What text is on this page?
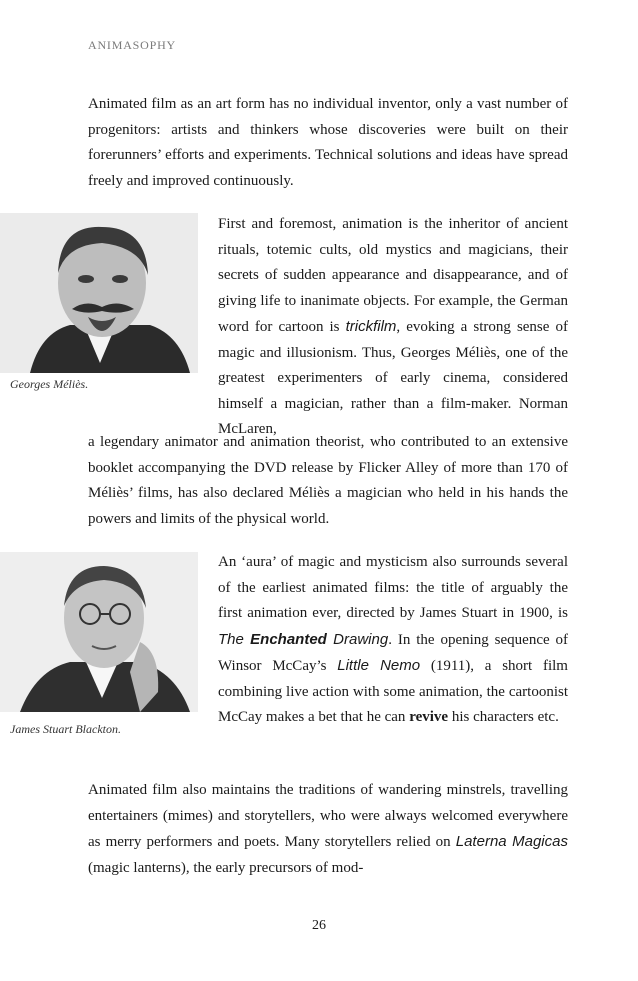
ANIMASOPHY

Animated film as an art form has no individual inventor, only a vast number of progenitors: artists and thinkers whose discoveries were built on their forerunners’ efforts and experiments. Technical solutions and ideas have spread freely and improved continuously.

Georges Méliès.

First and foremost, animation is the inheritor of ancient rituals, totemic cults, old mystics and magicians, their secrets of sudden appearance and disappearance, and of giving life to inanimate objects. For example, the German word for cartoon is trickfilm, evoking a strong sense of magic and illusionism. Thus, Georges Méliès, one of the greatest experimenters of early cinema, considered himself a magician, rather than a film-maker. Norman McLaren,

a legendary animator and animation theorist, who contributed to an extensive booklet accompanying the DVD release by Flicker Alley of more than 170 of Méliès’ films, has also declared Méliès a magician who held in his hands the powers and limits of the physical world.

James Stuart Blackton.

An ‘aura’ of magic and mysticism also surrounds several of the earliest animated films: the title of arguably the first animation ever, directed by James Stuart in 1900, is The Enchanted Drawing. In the opening sequence of Winsor McCay’s Little Nemo (1911), a short film combining live action with some animation, the cartoonist McCay makes a bet that he can revive his characters etc.

Animated film also maintains the traditions of wandering minstrels, travelling entertainers (mimes) and storytellers, who were always welcomed everywhere as merry performers and poets. Many storytellers relied on Laterna Magicas (magic lanterns), the early precursors of mod-

26
